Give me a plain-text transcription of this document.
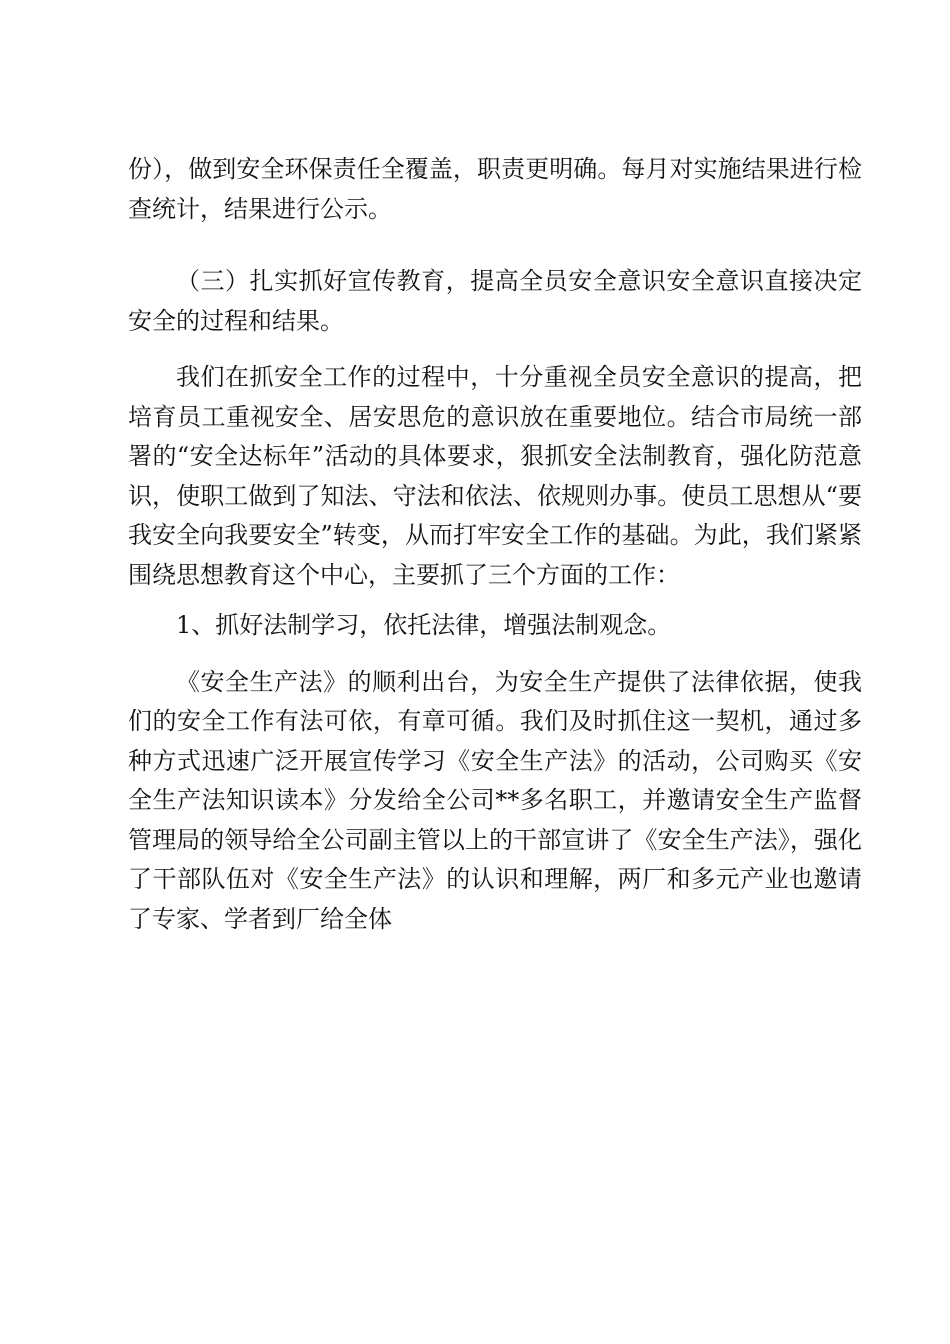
份），做到安全环保责任全覆盖，职责更明确。每月对实施结果进行检查统计，结果进行公示。

（三）扎实抓好宣传教育，提高全员安全意识安全意识直接决定安全的过程和结果。

我们在抓安全工作的过程中，十分重视全员安全意识的提高，把培育员工重视安全、居安思危的意识放在重要地位。结合市局统一部署的“安全达标年”活动的具体要求，狠抓安全法制教育，强化防范意识，使职工做到了知法、守法和依法、依规则办事。使员工思想从“要我安全向我要安全”转变，从而打牢安全工作的基础。为此，我们紧紧围绕思想教育这个中心，主要抓了三个方面的工作：

1、抓好法制学习，依托法律，增强法制观念。

《安全生产法》的顺利出台，为安全生产提供了法律依据，使我们的安全工作有法可依，有章可循。我们及时抓住这一契机，通过多种方式迅速广泛开展宣传学习《安全生产法》的活动，公司购买《安全生产法知识读本》分发给全公司**多名职工，并邀请安全生产监督管理局的领导给全公司副主管以上的干部宣讲了《安全生产法》，强化了干部队伍对《安全生产法》的认识和理解，两厂和多元产业也邀请了专家、学者到厂给全体
